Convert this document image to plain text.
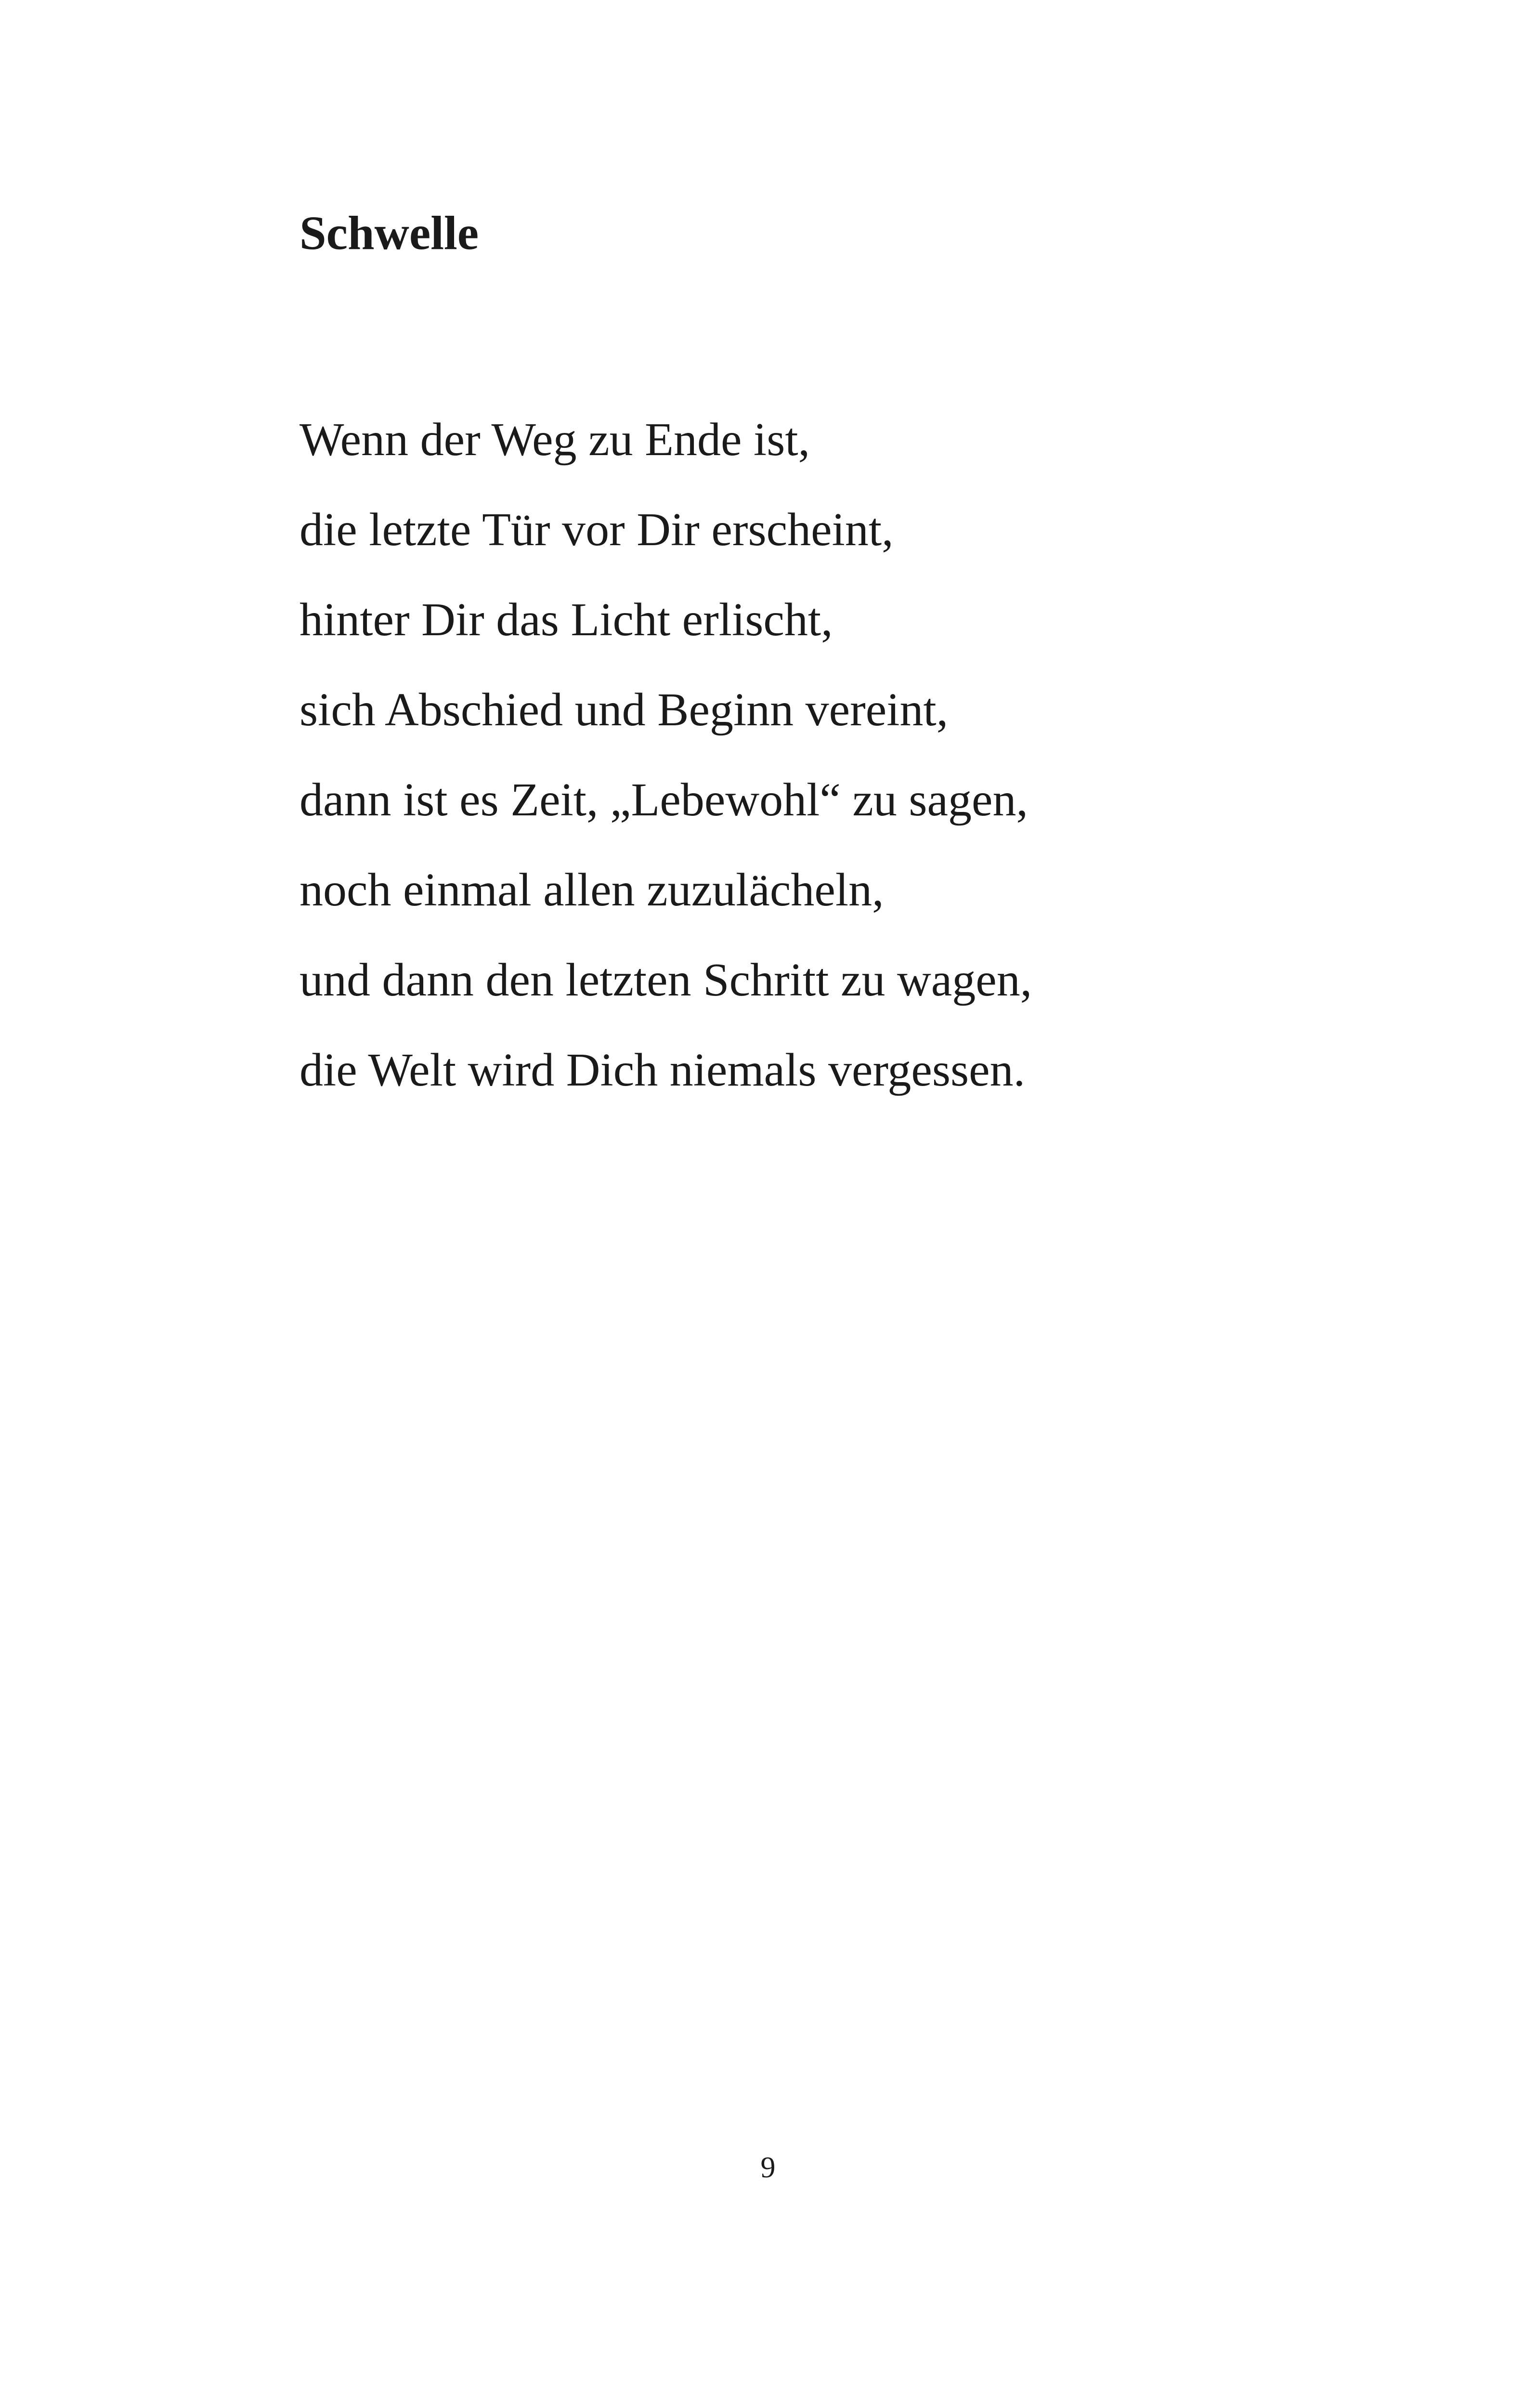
Schwelle
Wenn der Weg zu Ende ist,
die letzte Tür vor Dir erscheint,
hinter Dir das Licht erlischt,
sich Abschied und Beginn vereint,
dann ist es Zeit, „Lebewohl“ zu sagen,
noch einmal allen zuzulächeln,
und dann den letzten Schritt zu wagen,
die Welt wird Dich niemals vergessen.
9
